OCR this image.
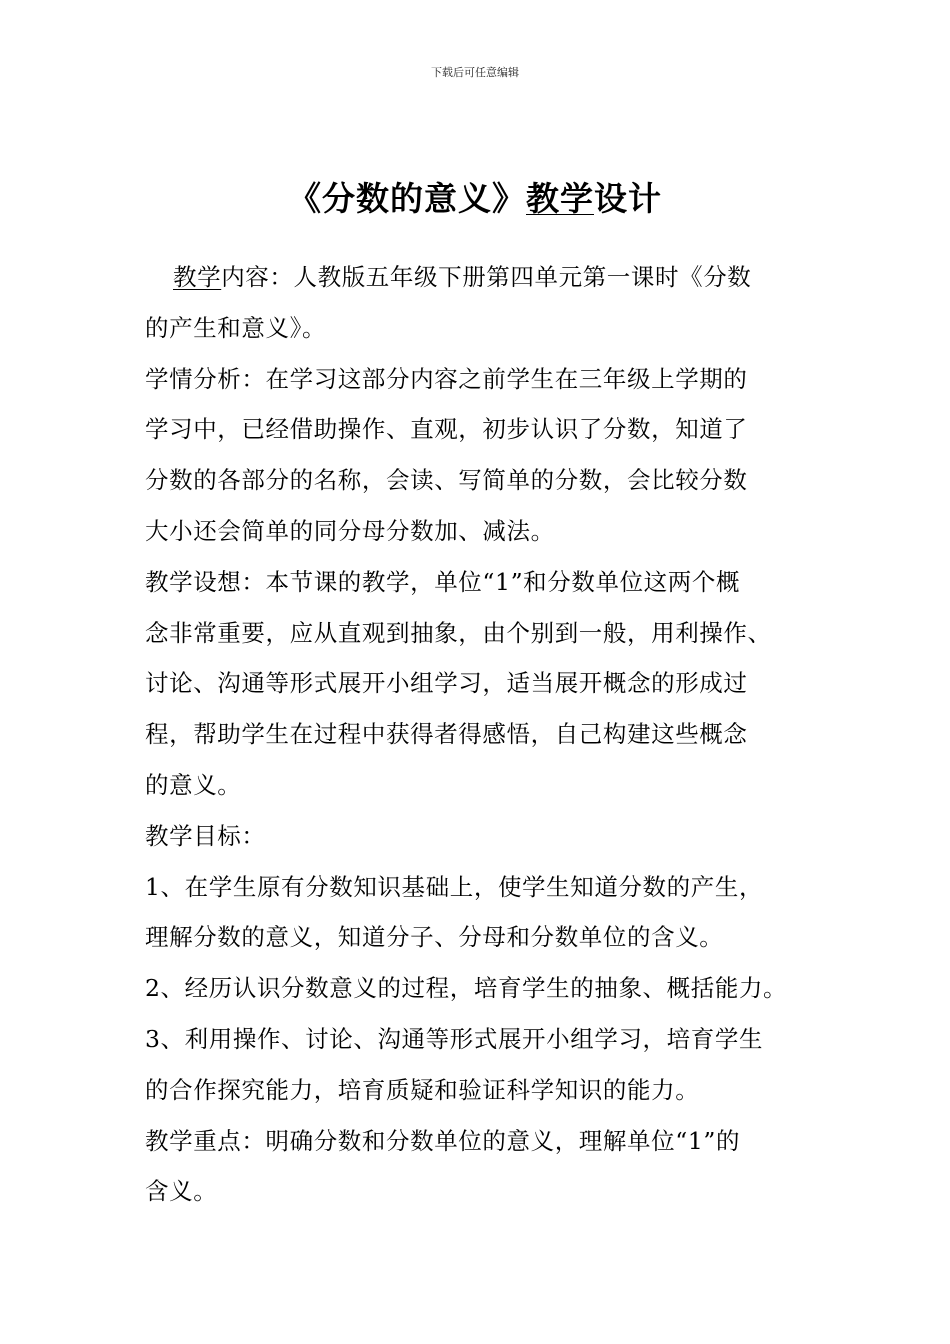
下载后可任意编辑
《分数的意义》教学设计
教学内容：人教版五年级下册第四单元第一课时《分数
的产生和意义》。
学情分析：在学习这部分内容之前学生在三年级上学期的
学习中，已经借助操作、直观，初步认识了分数，知道了
分数的各部分的名称，会读、写简单的分数，会比较分数
大小还会简单的同分母分数加、减法。
教学设想：本节课的教学，单位“1”和分数单位这两个概
念非常重要，应从直观到抽象，由个别到一般，用利操作、
讨论、沟通等形式展开小组学习，适当展开概念的形成过
程，帮助学生在过程中获得者得感悟，自己构建这些概念
的意义。
教学目标：
1、在学生原有分数知识基础上，使学生知道分数的产生，
理解分数的意义，知道分子、分母和分数单位的含义。
2、经历认识分数意义的过程，培育学生的抽象、概括能力。
3、利用操作、讨论、沟通等形式展开小组学习，培育学生
的合作探究能力，培育质疑和验证科学知识的能力。
教学重点：明确分数和分数单位的意义，理解单位“1”的
含义。
